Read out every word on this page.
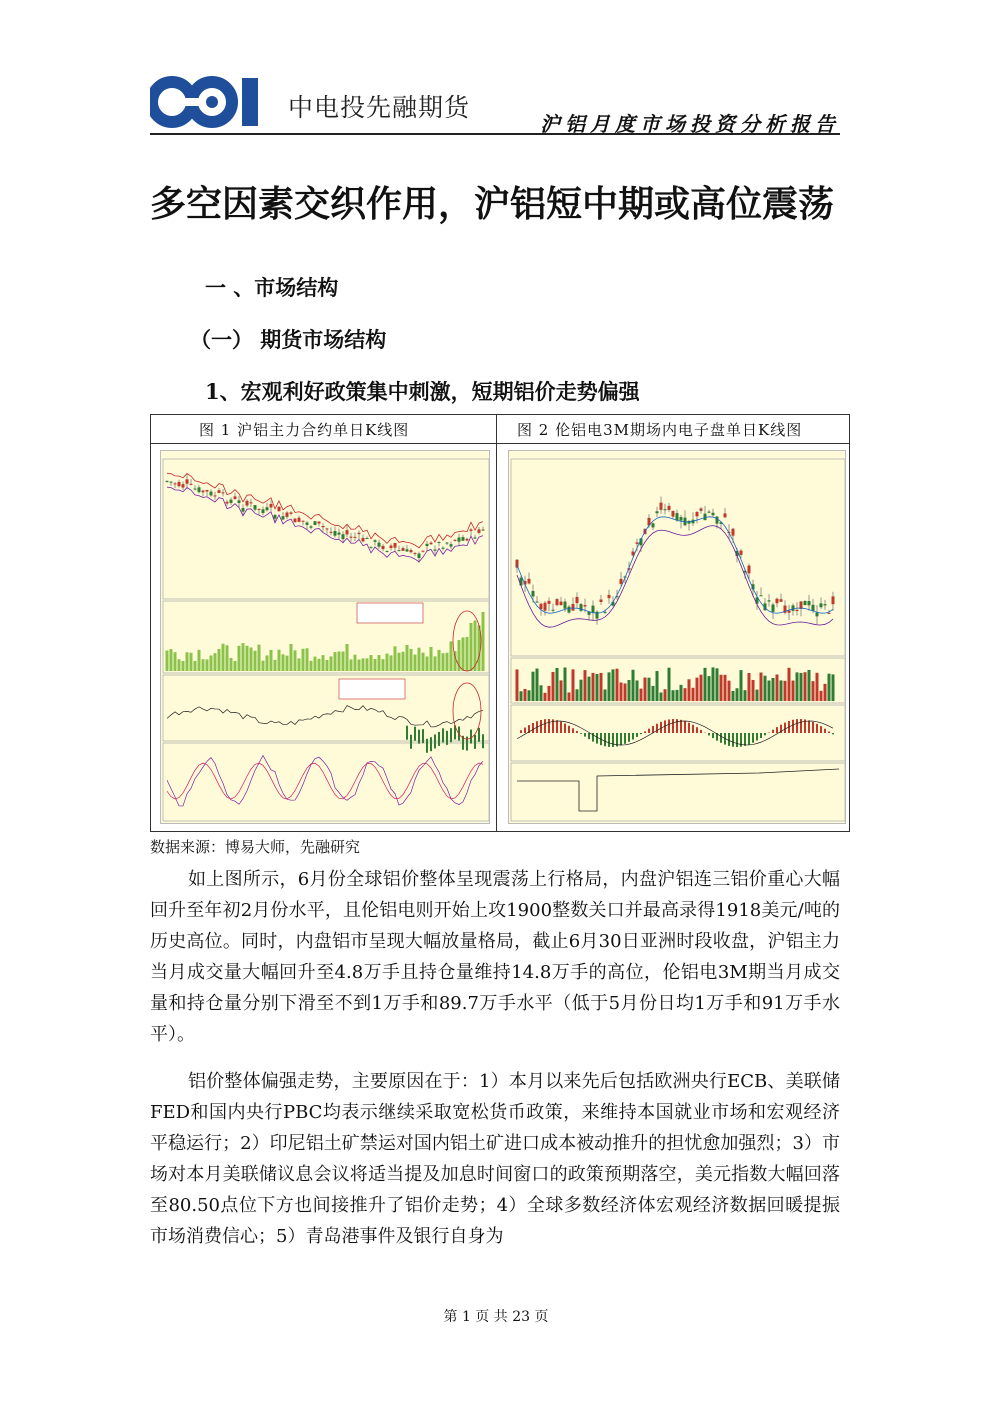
中电投先融期货
沪铝月度市场投资分析报告
多空因素交织作用，沪铝短中期或高位震荡
一 、市场结构
（一） 期货市场结构
1、宏观利好政策集中刺激，短期铝价走势偏强
图 1 沪铝主力合约单日K线图	图 2 伦铝电3M期场内电子盘单日K线图
数据来源：博易大师，先融研究

如上图所示，6月份全球铝价整体呈现震荡上行格局，内盘沪铝连三铝价重心大幅回升至年初2月份水平，且伦铝电则开始上攻1900整数关口并最高录得1918美元/吨的历史高位。同时，内盘铝市呈现大幅放量格局，截止6月30日亚洲时段收盘，沪铝主力当月成交量大幅回升至4.8万手且持仓量维持14.8万手的高位，伦铝电3M期当月成交量和持仓量分别下滑至不到1万手和89.7万手水平（低于5月份日均1万手和91万手水平）。

铝价整体偏强走势，主要原因在于：1）本月以来先后包括欧洲央行ECB、美联储FED和国内央行PBC均表示继续采取宽松货币政策，来维持本国就业市场和宏观经济平稳运行；2）印尼铝土矿禁运对国内铝土矿进口成本被动推升的担忧愈加强烈；3）市场对本月美联储议息会议将适当提及加息时间窗口的政策预期落空，美元指数大幅回落至80.50点位下方也间接推升了铝价走势；4）全球多数经济体宏观经济数据回暖提振市场消费信心；5）青岛港事件及银行自身为

第 1 页 共 23 页
